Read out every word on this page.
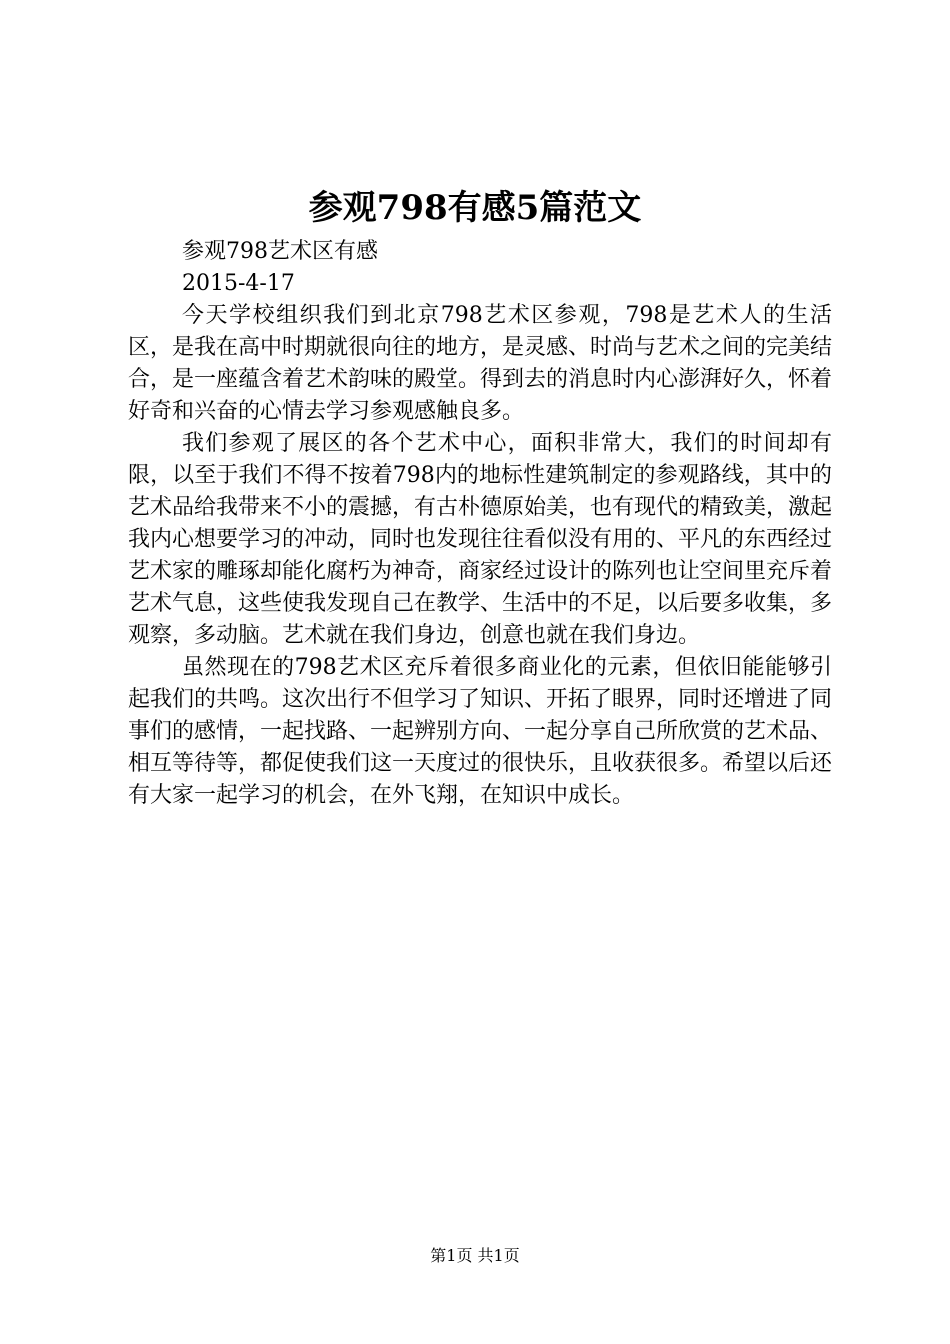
参观798有感5篇范文

参观798艺术区有感

2015-4-17

今天学校组织我们到北京798艺术区参观，798是艺术人的生活区，是我在高中时期就很向往的地方，是灵感、时尚与艺术之间的完美结合，是一座蕴含着艺术韵味的殿堂。得到去的消息时内心澎湃好久，怀着好奇和兴奋的心情去学习参观感触良多。

我们参观了展区的各个艺术中心，面积非常大，我们的时间却有限，以至于我们不得不按着798内的地标性建筑制定的参观路线，其中的艺术品给我带来不小的震撼，有古朴德原始美，也有现代的精致美，激起我内心想要学习的冲动，同时也发现往往看似没有用的、平凡的东西经过艺术家的雕琢却能化腐朽为神奇，商家经过设计的陈列也让空间里充斥着艺术气息，这些使我发现自己在教学、生活中的不足，以后要多收集，多观察，多动脑。艺术就在我们身边，创意也就在我们身边。

虽然现在的798艺术区充斥着很多商业化的元素，但依旧能能够引起我们的共鸣。这次出行不但学习了知识、开拓了眼界，同时还增进了同事们的感情，一起找路、一起辨别方向、一起分享自己所欣赏的艺术品、相互等待等，都促使我们这一天度过的很快乐，且收获很多。希望以后还有大家一起学习的机会，在外飞翔，在知识中成长。

第1页 共1页
